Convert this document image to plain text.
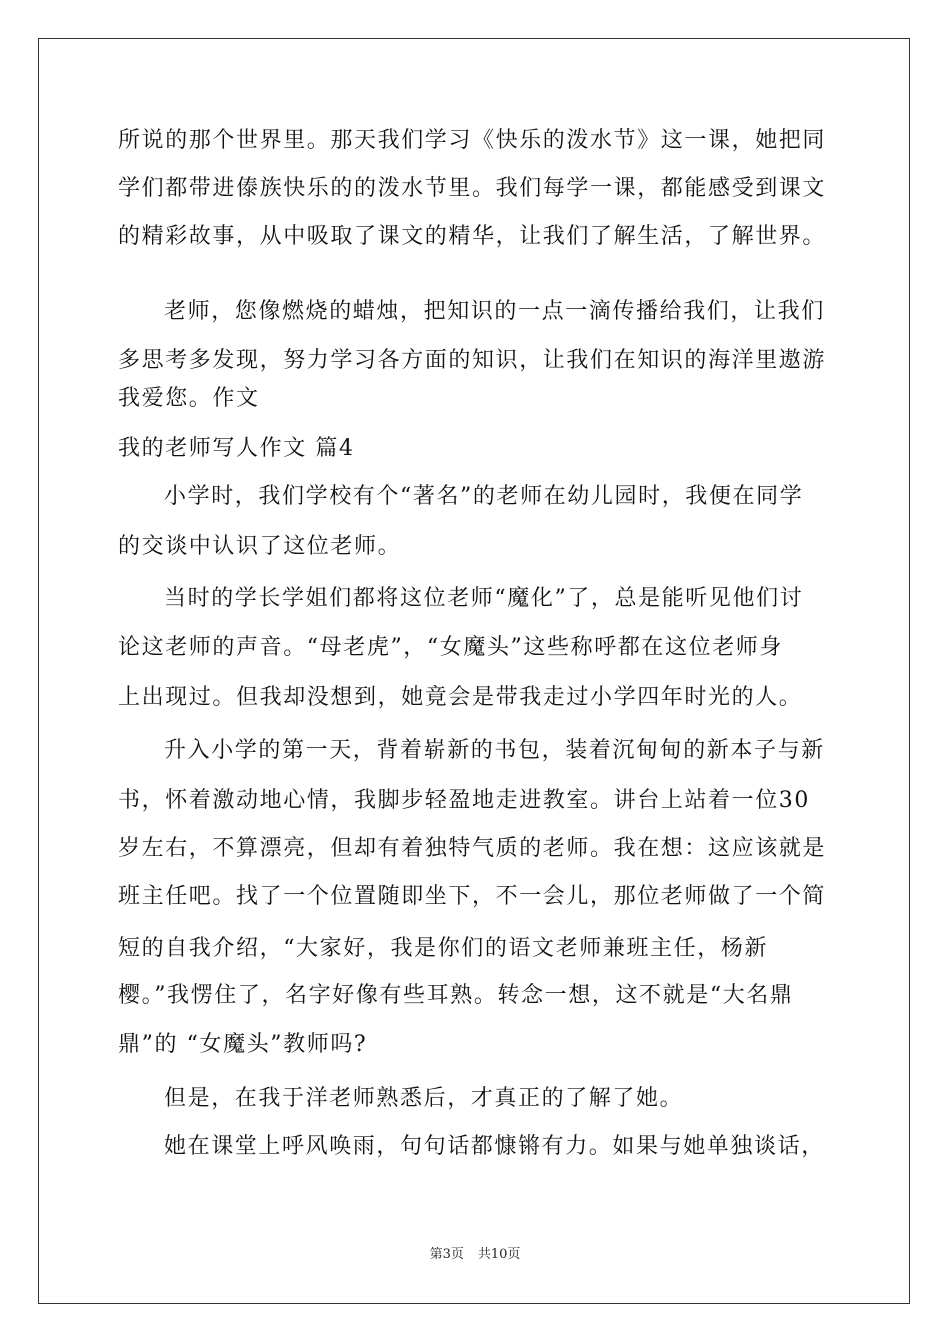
所说的那个世界里。那天我们学习《快乐的泼水节》这一课，她把同
学们都带进傣族快乐的的泼水节里。我们每学一课，都能感受到课文
的精彩故事，从中吸取了课文的精华，让我们了解生活，了解世界。
老师，您像燃烧的蜡烛，把知识的一点一滴传播给我们，让我们
多思考多发现，努力学习各方面的知识，让我们在知识的海洋里遨游
我爱您。作文
我的老师写人作文 篇4
小学时，我们学校有个“著名”的老师在幼儿园时，我便在同学
的交谈中认识了这位老师。
当时的学长学姐们都将这位老师“魔化”了，总是能听见他们讨
论这老师的声音。“母老虎”，“女魔头”这些称呼都在这位老师身
上出现过。但我却没想到，她竟会是带我走过小学四年时光的人。
升入小学的第一天，背着崭新的书包，装着沉甸甸的新本子与新
书，怀着激动地心情，我脚步轻盈地走进教室。讲台上站着一位30
岁左右，不算漂亮，但却有着独特气质的老师。我在想：这应该就是
班主任吧。找了一个位置随即坐下，不一会儿，那位老师做了一个简
短的自我介绍，“大家好，我是你们的语文老师兼班主任，杨新
樱。”我愣住了，名字好像有些耳熟。转念一想，这不就是“大名鼎
鼎”的 “女魔头”教师吗?
但是，在我于洋老师熟悉后，才真正的了解了她。
她在课堂上呼风唤雨，句句话都慷锵有力。如果与她单独谈话，
第3页 共10页
